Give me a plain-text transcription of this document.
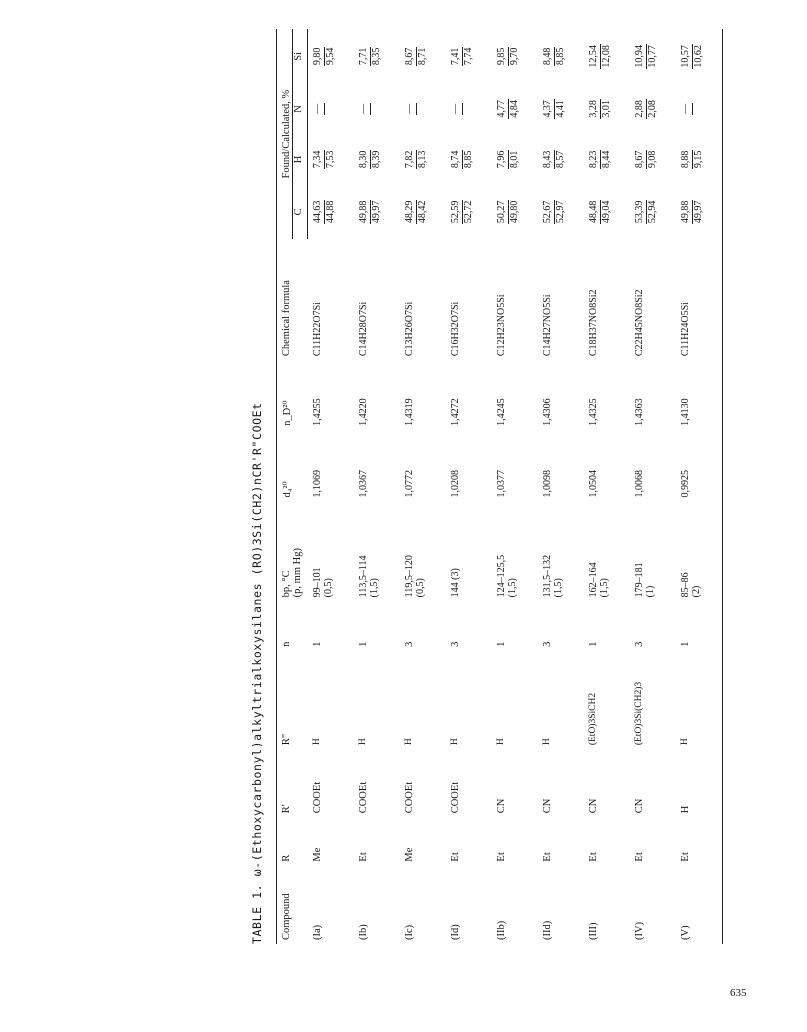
TABLE 1. ω-(Ethoxycarbonyl)alkyltrialkoxysilanes (RO)3Si(CH2)nCR'R"COOEt	Compound	R	R'	R"	n	bp, °C
(p, mm Hg)	d₄²⁰	n_D²⁰	Chemical formula	Found/Calculated, %			
									C	H	N	Si
(Ia)	Me	COOEt	H	1	99–101
(0,5)	1,1069	1,4255	C11H22O7Si	44,63 44,88	7,34 7,53	—	9,80 9,54

(Ib)	Et	COOEt	H	1	113,5–114
(1,5)	1,0367	1,4220	C14H28O7Si	49,88 49,97	8,30 8,39	—	7,71 8,35

(Ic)	Me	COOEt	H	3	119,5–120
(0,5)	1,0772	1,4319	C13H26O7Si	48,29 48,42	7,82 8,13	—	8,67 8,71

(Id)	Et	COOEt	H	3	144 (3)	1,0208	1,4272	C16H32O7Si	52,59 52,72	8,74 8,85	—	7,41 7,74

(IIb)	Et	CN	H	1	124–125,5
(1,5)	1,0377	1,4245	C12H23NO5Si	50,27 49,80	7,96 8,01	4,77 4,84	9,85 9,70

(IId)	Et	CN	H	3	131,5–132
(1,5)	1,0098	1,4306	C14H27NO5Si	52,67 52,97	8,43 8,57	4,37 4,41	8,48 8,85

(III)	Et	CN	(EtO)3SiCH2	1	162–164
(1,5)	1,0504	1,4325	C18H37NO8Si2	48,48 49,04	8,23 8,44	3,28 3,01	12,54 12,08

(IV)	Et	CN	(EtO)3Si(CH2)3	3	179–181
(1)	1,0068	1,4363	C22H45NO8Si2	53,39 52,94	8,67 9,08	2,88 2,08	10,94 10,77

(V)	Et	H	H	1	85–86
(2)	0,9925	1,4130	C11H24O5Si	49,88 49,97	8,88 9,15	—	10,57 10,62
635
